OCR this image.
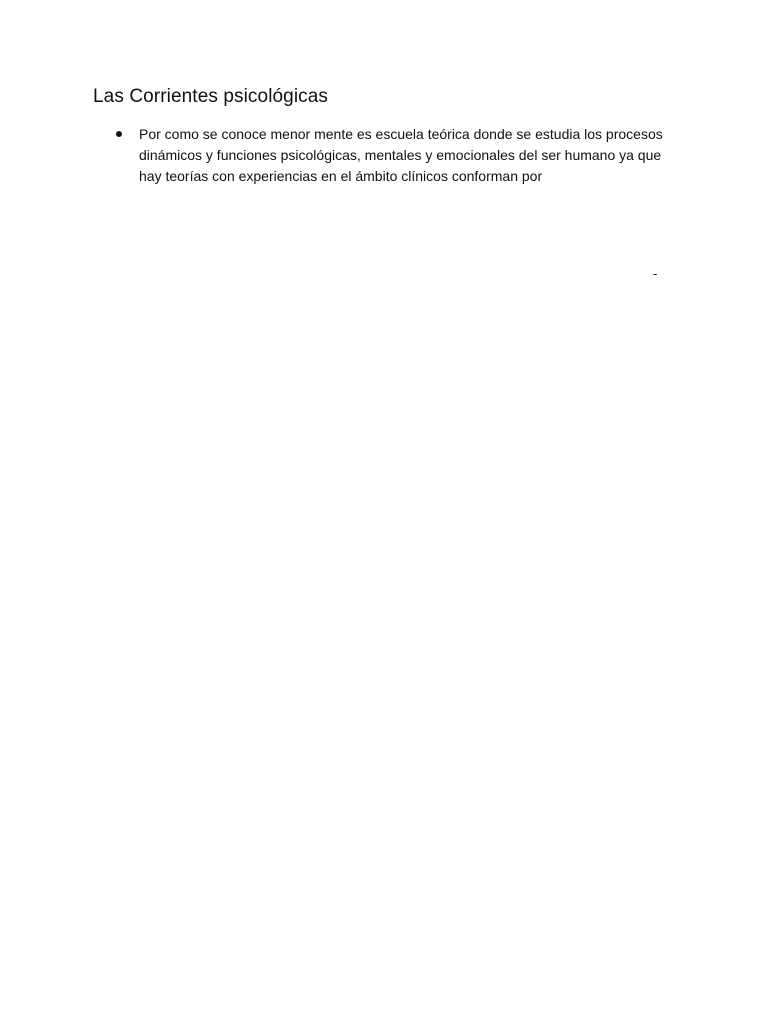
Las Corrientes psicológicas
Por como se conoce menor mente es escuela teórica donde se estudia los procesos dinámicos y funciones psicológicas, mentales y emocionales del ser humano ya que hay teorías con experiencias en el ámbito clínicos conforman por
-
